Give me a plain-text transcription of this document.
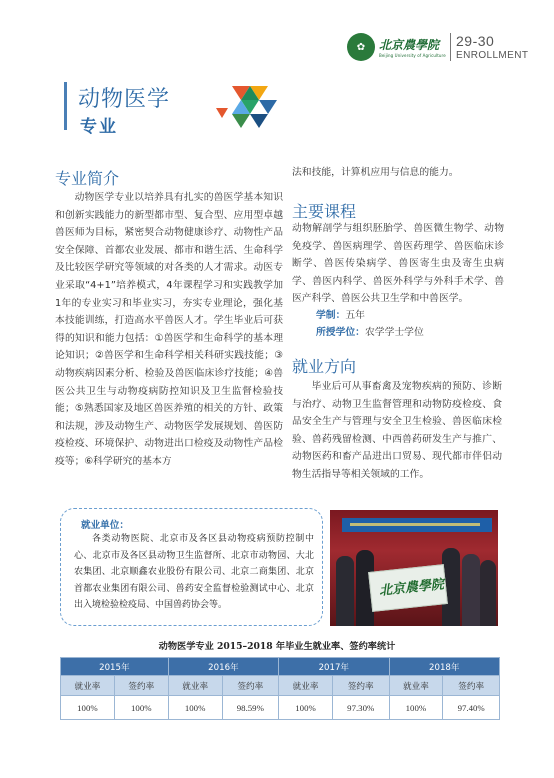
✿	北京農學院
Beijing University of Agriculture
29-30
ENROLLMENT
动物医学
专业
专业简介
动物医学专业以培养具有扎实的兽医学基本知识和创新实践能力的新型都市型、复合型、应用型卓越兽医师为目标，紧密契合动物健康诊疗、动物性产品安全保障、首都农业发展、都市和谐生活、生命科学及比较医学研究等领域的对各类的人才需求。动医专业采取“4+1”培养模式，4年课程学习和实践教学加1年的专业实习和毕业实习，夯实专业理论，强化基本技能训练，打造高水平兽医人才。学生毕业后可获得的知识和能力包括：①兽医学和生命科学的基本理论知识；②兽医学和生命科学相关科研实践技能；③动物疾病因素分析、检验及兽医临床诊疗技能；④兽医公共卫生与动物疫病防控知识及卫生监督检验技能；⑤熟悉国家及地区兽医养殖的相关的方针、政策和法规，涉及动物生产、动物医学发展规划、兽医防疫检疫、环境保护、动物进出口检疫及动物性产品检疫等；⑥科学研究的基本方
法和技能，计算机应用与信息的能力。
主要课程
动物解剖学与组织胚胎学、兽医微生物学、动物免疫学、兽医病理学、兽医药理学、兽医临床诊断学、兽医传染病学、兽医寄生虫及寄生虫病学、兽医内科学、兽医外科学与外科手术学、兽医产科学、兽医公共卫生学和中兽医学。
学制：五年
所授学位：农学学士学位
就业方向
毕业后可从事畜禽及宠物疾病的预防、诊断与治疗、动物卫生监督管理和动物防疫检疫、食品安全生产与管理与安全卫生检验、兽医临床检验、兽药残留检测、中西兽药研发生产与推广、动物医药和畜产品进出口贸易、现代都市伴侣动物生活指导等相关领域的工作。
就业单位：
各类动物医院、北京市及各区县动物疫病预防控制中心、北京市及各区县动物卫生监督所、北京市动物园、大北农集团、北京顺鑫农业股份有限公司、北京二商集团、北京首都农业集团有限公司、兽药安全监督检验测试中心、北京出入境检验检疫局、中国兽药协会等。
北京農學院
动物医学专业 2015–2018 年毕业生就业率、签约率统计
2015年		2016年		2017年		2018年	
就业率	签约率	就业率	签约率	就业率	签约率	就业率	签约率
100%	100%	100%	98.59%	100%	97.30%	100%	97.40%
